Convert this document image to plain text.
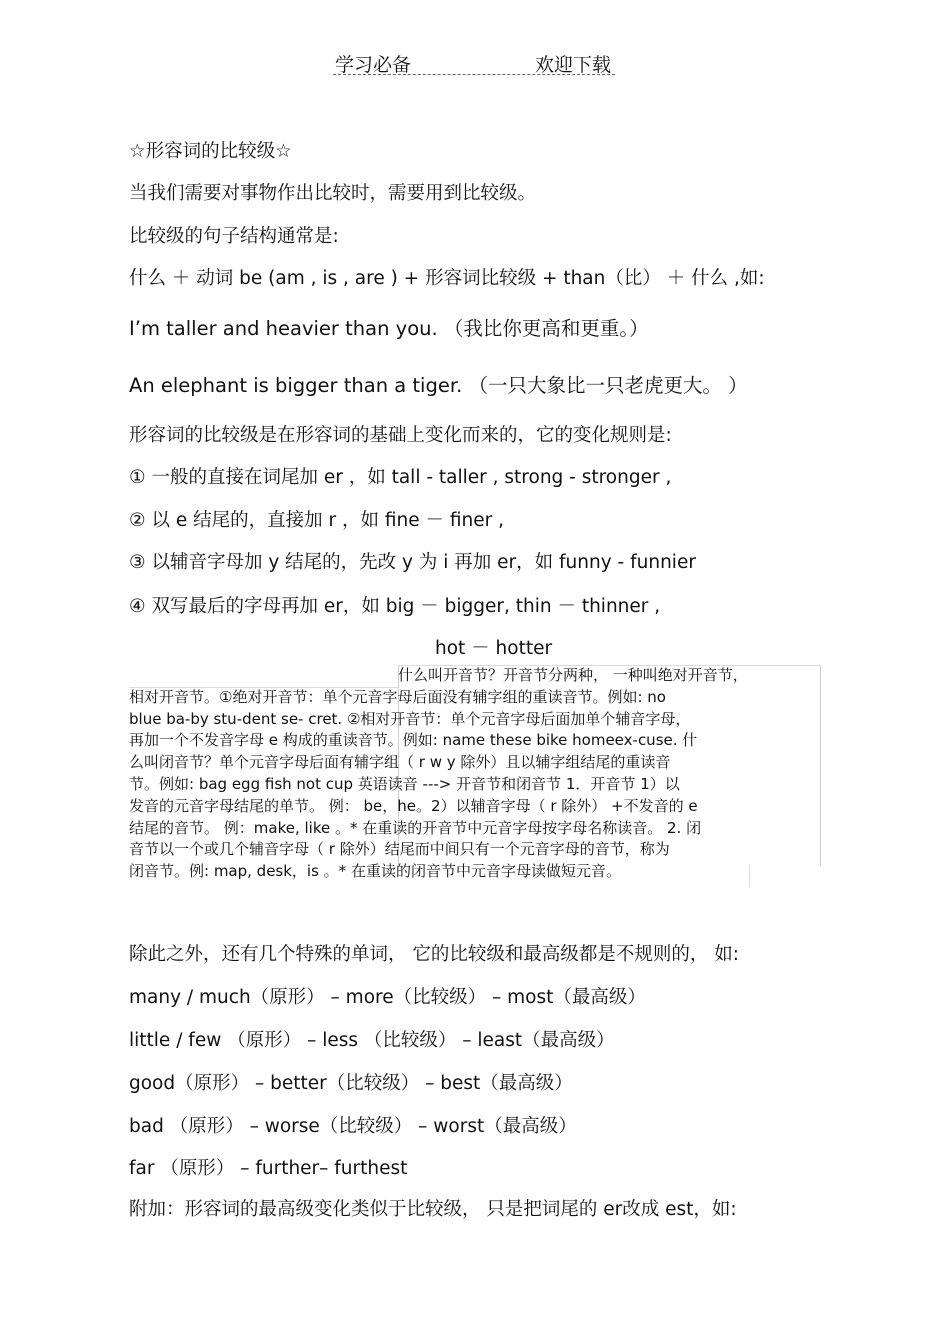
学习必备	欢迎下载
☆形容词的比较级☆
当我们需要对事物作出比较时，需要用到比较级。
比较级的句子结构通常是:
什么 ＋ 动词 be (am , is , are ) + 形容词比较级 + than（比） ＋ 什么 ,如:
I’m taller and heavier than you. （我比你更高和更重。）
An elephant is bigger than a tiger. （一只大象比一只老虎更大。 ）
形容词的比较级是在形容词的基础上变化而来的，它的变化规则是:
① 一般的直接在词尾加 er ，如 tall - taller , strong - stronger ,
② 以 e 结尾的，直接加 r ，如 fine － finer ,
③ 以辅音字母加 y 结尾的，先改 y 为 i 再加 er，如 funny - funnier
④ 双写最后的字母再加 er，如 big － bigger, thin － thinner ,
hot － hotter
什么叫开音节？开音节分两种， 一种叫绝对开音节，
相对开音节。①绝对开音节：单个元音字母后面没有辅字组的重读音节。例如: no
blue ba-by stu-dent se- cret. ②相对开音节：单个元音字母后面加单个辅音字母，
再加一个不发音字母 e 构成的重读音节。例如: name these bike homeex-cuse. 什
么叫闭音节？单个元音字母后面有辅字组（ r w y 除外）且以辅字组结尾的重读音
节。例如: bag egg fish not cup 英语读音 ---> 开音节和闭音节 1．开音节 1）以
发音的元音字母结尾的单节。 例： be，he。2）以辅音字母（ r 除外） +不发音的 e
结尾的音节。 例：make, like 。* 在重读的开音节中元音字母按字母名称读音。 2. 闭
音节以一个或几个辅音字母（ r 除外）结尾而中间只有一个元音字母的音节，称为
闭音节。例: map, desk，is 。* 在重读的闭音节中元音字母读做短元音。
除此之外，还有几个特殊的单词， 它的比较级和最高级都是不规则的， 如:
many / much（原形） – more（比较级） – most（最高级）
little / few （原形） – less （比较级） – least（最高级）
good（原形） – better（比较级） – best（最高级）
bad （原形） – worse（比较级） – worst（最高级）
far （原形） – further– furthest
附加：形容词的最高级变化类似于比较级， 只是把词尾的 er改成 est，如:
